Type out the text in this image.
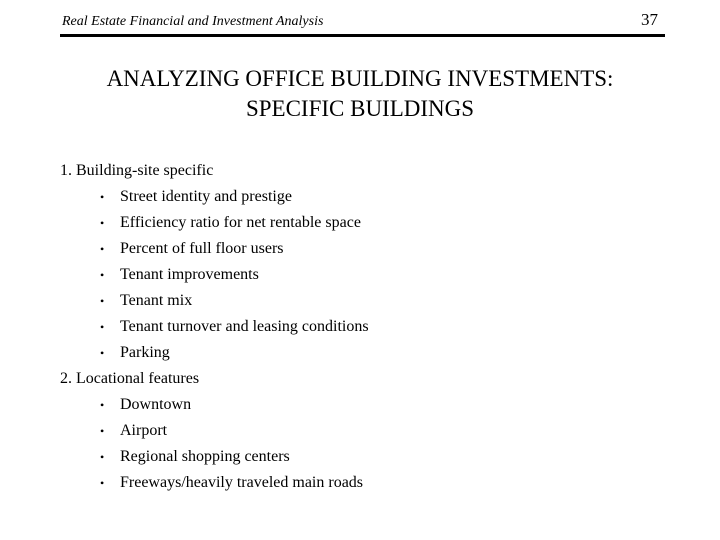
Real Estate Financial and Investment Analysis	37
ANALYZING OFFICE BUILDING INVESTMENTS:
SPECIFIC BUILDINGS

1. Building-site specific

• Street identity and prestige
• Efficiency ratio for net rentable space
• Percent of full floor users
• Tenant improvements
• Tenant mix
• Tenant turnover and leasing conditions
• Parking

2. Locational features

• Downtown
• Airport
• Regional shopping centers
• Freeways/heavily traveled main roads
